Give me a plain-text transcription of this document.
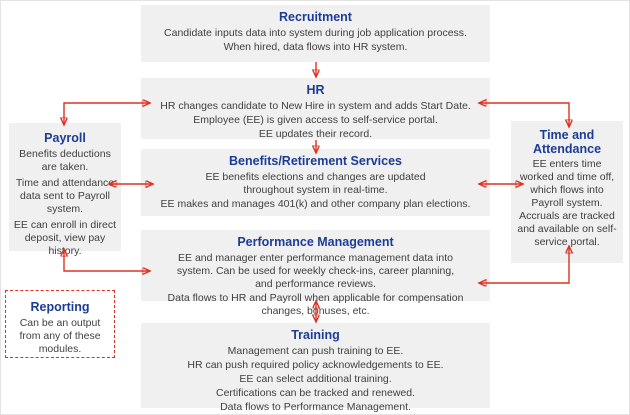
Recruitment
Candidate inputs data into system during job application process.
When hired, data flows into HR system.
HR
HR changes candidate to New Hire in system and adds Start Date.
Employee (EE) is given access to self-service portal.
EE updates their record.
Benefits/Retirement Services
EE benefits elections and changes are updated throughout system in real-time.
EE makes and manages 401(k) and other company plan elections.
Performance Management
EE and manager enter performance management data into system. Can be used for weekly check-ins, career planning, and performance reviews.
Data flows to HR and Payroll when applicable for compensation changes, bonuses, etc.
Training
Management can push training to EE.
HR can push required policy acknowledgements to EE.
EE can select additional training.
Certifications can be tracked and renewed.
Data flows to Performance Management.
Payroll
Benefits deductions are taken.
Time and attendance data sent to Payroll system.
EE can enroll in direct deposit, view pay history.
Time and Attendance
EE enters time worked and time off, which flows into Payroll system. Accruals are tracked and available on self-service portal.
Reporting
Can be an output from any of these modules.
